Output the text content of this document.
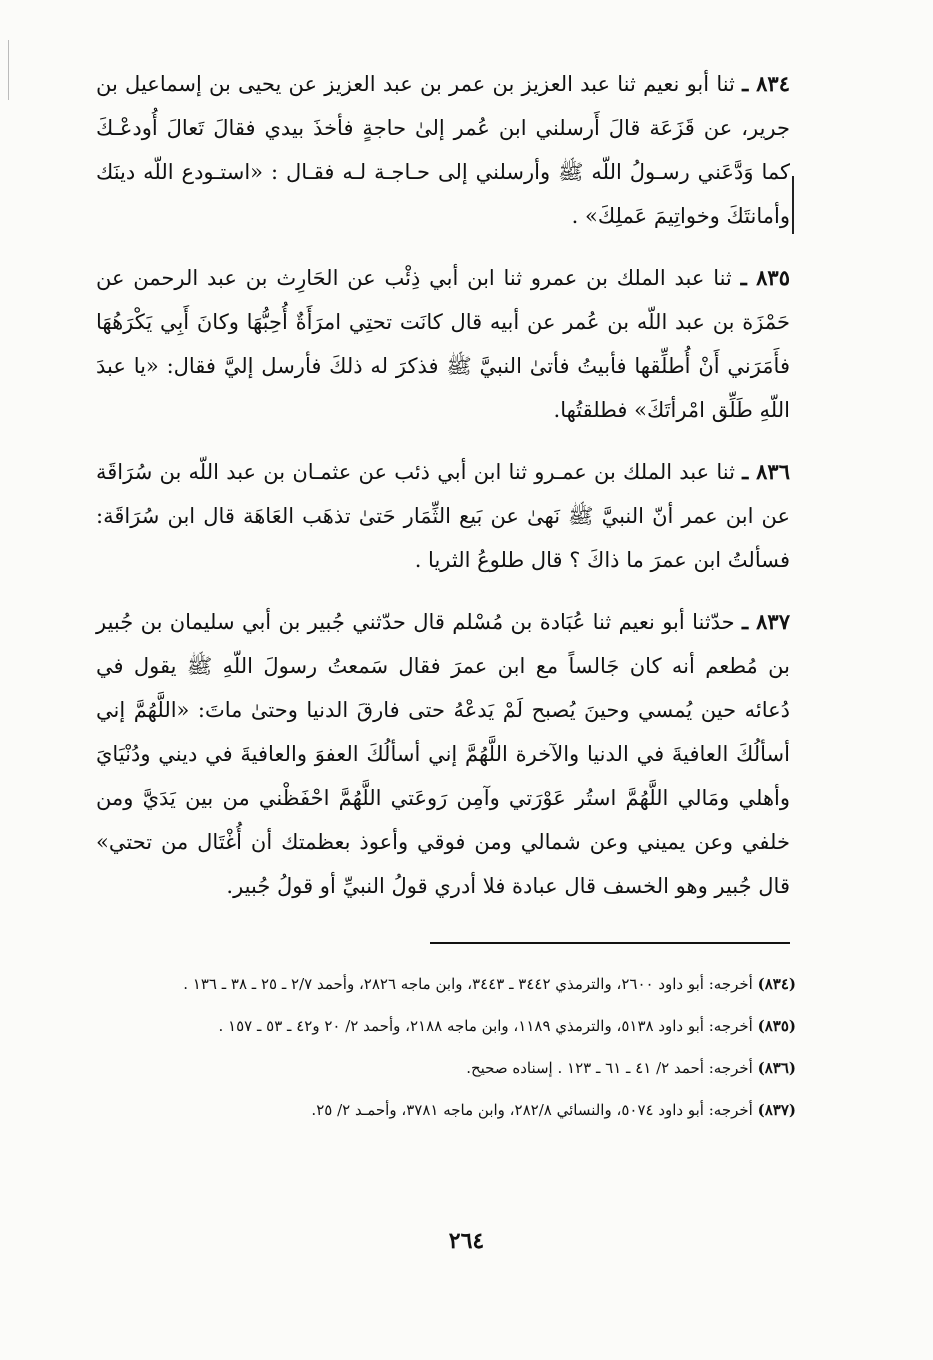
٨٣٤ ـ ثنا أبو نعيم ثنا عبد العزيز بن عمر بن عبد العزيز عن يحيى بن إسماعيل بن جرير، عن قَزَعَة قالَ أَرسلني ابن عُمر إلىٰ حاجةٍ فأخذَ بيدي فقالَ تَعالَ أُودعْـكَ كما وَدَّعَني رسـولُ اللّه ﷺ وأرسلني إلى حـاجـة لـه فقـال : «استـودع اللّه دينَك وأمانتَكَ وخواتِيمَ عَملِكَ» .

٨٣٥ ـ ثنا عبد الملك بن عمرو ثنا ابن أبي ذِئْب عن الحَارِث بن عبد الرحمن عن حَمْزَة بن عبد اللّه بن عُمر عن أبيه قال كانَت تحتِي امرَأَةٌ أُحِبُّهَا وكانَ أَبِي يَكْرَهُهَا فأَمَرَني أَنْ أُطلِّقها فأبيتُ فأتىٰ النبيَّ ﷺ فذكرَ له ذلكَ فأرسل إليَّ فقال: «يا عبدَ اللّهِ طَلِّق امْرأتَكَ» فطلقتُها.

٨٣٦ ـ ثنا عبد الملك بن عمـرو ثنا ابن أبي ذئب عن عثمـان بن عبد اللّه بن سُرَاقَة عن ابن عمر أنّ النبيَّ ﷺ نَهىٰ عن بَيع الثِّمَار حَتىٰ تذهَب العَاهَة قال ابن سُرَاقَة: فسألتُ ابن عمرَ ما ذاكَ ؟ قال طلوعُ الثريا .

٨٣٧ ـ حدّثنا أبو نعيم ثنا عُبَادة بن مُسْلم قال حدّثني جُبير بن أبي سليمان بن جُبير بن مُطعم أنه كان جَالساً مع ابن عمرَ فقال سَمعتُ رسولَ اللّهِ ﷺ يقول في دُعائه حين يُمسي وحينَ يُصبح لَمْ يَدعْهُ حتى فارقَ الدنيا وحتىٰ ماتَ: «اللَّهُمَّ إني أسألُكَ العافيةَ في الدنيا والآخرة اللَّهُمَّ إني أسألُكَ العفوَ والعافيةَ في ديني ودُنْيَايَ وأهلي ومَالي اللَّهُمَّ استُر عَوْرَتي وآمِن رَوعَتي اللَّهُمَّ احْفَظْني من بين يَدَيَّ ومن خلفي وعن يميني وعن شمالي ومن فوقي وأعوذ بعظمتك أن أُغْتَال من تحتي» قال جُبير وهو الخسف قال عبادة فلا أدري قولُ النبيِّ أو قولُ جُبير.

(٨٣٤) أخرجه: أبو داود ٢٦٠٠، والترمذي ٣٤٤٢ ـ ٣٤٤٣، وابن ماجه ٢٨٢٦، وأحمد ٢/٧ ـ ٢٥ ـ ٣٨ ـ ١٣٦ .

(٨٣٥) أخرجه: أبو داود ٥١٣٨، والترمذي ١١٨٩، وابن ماجه ٢١٨٨، وأحمد ٢/ ٢٠ و٤٢ ـ ٥٣ ـ ١٥٧ .

(٨٣٦) أخرجه: أحمد ٢/ ٤١ ـ ٦١ ـ ١٢٣ . إسناده صحيح.

(٨٣٧) أخرجه: أبو داود ٥٠٧٤، والنسائي ٢٨٢/٨، وابن ماجه ٣٧٨١، وأحمـد ٢/ ٢٥.

٢٦٤
